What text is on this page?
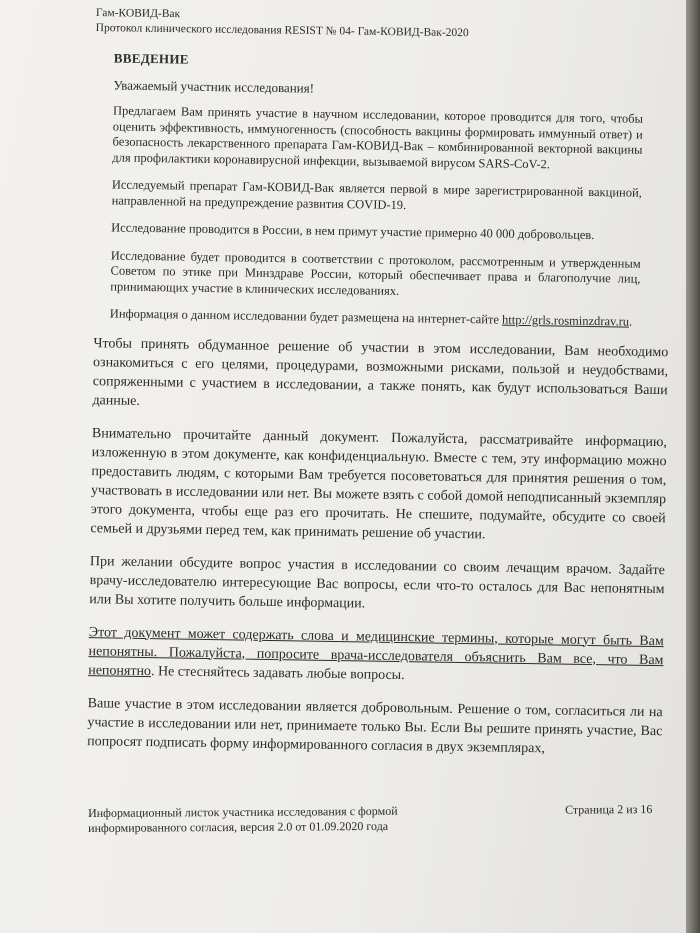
Гам-КОВИД-Вак
Протокол клинического исследования RESIST № 04- Гам-КОВИД-Вак-2020
ВВЕДЕНИЕ
Уважаемый участник исследования!
Предлагаем Вам принять участие в научном исследовании, которое проводится для того, чтобы оценить эффективность, иммуногенность (способность вакцины формировать иммунный ответ) и безопасность лекарственного препарата Гам-КОВИД-Вак – комбинированной векторной вакцины для профилактики коронавирусной инфекции, вызываемой вирусом SARS-CoV-2.
Исследуемый препарат Гам-КОВИД-Вак является первой в мире зарегистрированной вакциной, направленной на предупреждение развития COVID-19.
Исследование проводится в России, в нем примут участие примерно 40 000 добровольцев.
Исследование будет проводится в соответствии с протоколом, рассмотренным и утвержденным Советом по этике при Минздраве России, который обеспечивает права и благополучие лиц, принимающих участие в клинических исследованиях.
Информация о данном исследовании будет размещена на интернет-сайте http://grls.rosminzdrav.ru.
Чтобы принять обдуманное решение об участии в этом исследовании, Вам необходимо ознакомиться с его целями, процедурами, возможными рисками, пользой и неудобствами, сопряженными с участием в исследовании, а также понять, как будут использоваться Ваши данные.
Внимательно прочитайте данный документ. Пожалуйста, рассматривайте информацию, изложенную в этом документе, как конфиденциальную. Вместе с тем, эту информацию можно предоставить людям, с которыми Вам требуется посоветоваться для принятия решения о том, участвовать в исследовании или нет. Вы можете взять с собой домой неподписанный экземпляр этого документа, чтобы еще раз его прочитать. Не спешите, подумайте, обсудите со своей семьей и друзьями перед тем, как принимать решение об участии.
При желании обсудите вопрос участия в исследовании со своим лечащим врачом. Задайте врачу-исследователю интересующие Вас вопросы, если что-то осталось для Вас непонятным или Вы хотите получить больше информации.
Этот документ может содержать слова и медицинские термины, которые могут быть Вам непонятны. Пожалуйста, попросите врача-исследователя объяснить Вам все, что Вам непонятно. Не стесняйтесь задавать любые вопросы.
Ваше участие в этом исследовании является добровольным. Решение о том, согласиться ли на участие в исследовании или нет, принимаете только Вы. Если Вы решите принять участие, Вас попросят подписать форму информированного согласия в двух экземплярах,
Информационный листок участника исследования с формой
информированного согласия, версия 2.0 от 01.09.2020 года
Страница 2 из 16
